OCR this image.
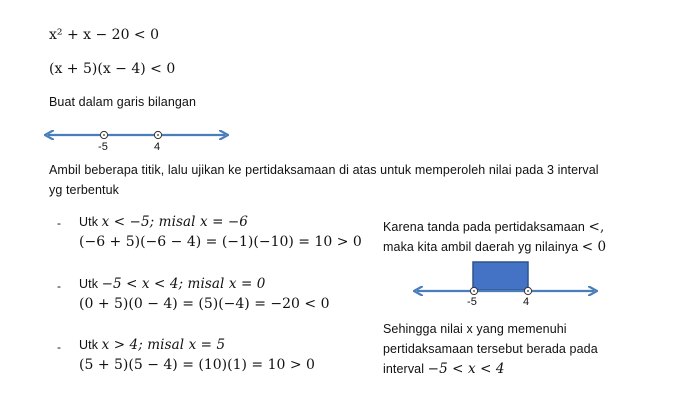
x² + x − 20 < 0
(x + 5)(x − 4) < 0
Buat dalam garis bilangan
-5	4
Ambil beberapa titik, lalu ujikan ke pertidaksamaan di atas untuk memperoleh nilai pada 3 interval
yg terbentuk
- Utk x < −5; misal x = −6
(−6 + 5)(−6 − 4) = (−1)(−10) = 10 > 0
- Utk −5 < x < 4; misal x = 0
(0 + 5)(0 − 4) = (5)(−4) = −20 < 0
- Utk x > 4; misal x = 5
(5 + 5)(5 − 4) = (10)(1) = 10 > 0
Karena tanda pada pertidaksamaan <,
maka kita ambil daerah yg nilainya < 0
-5	4
Sehingga nilai x yang memenuhi
pertidaksamaan tersebut berada pada
interval −5 < x < 4
